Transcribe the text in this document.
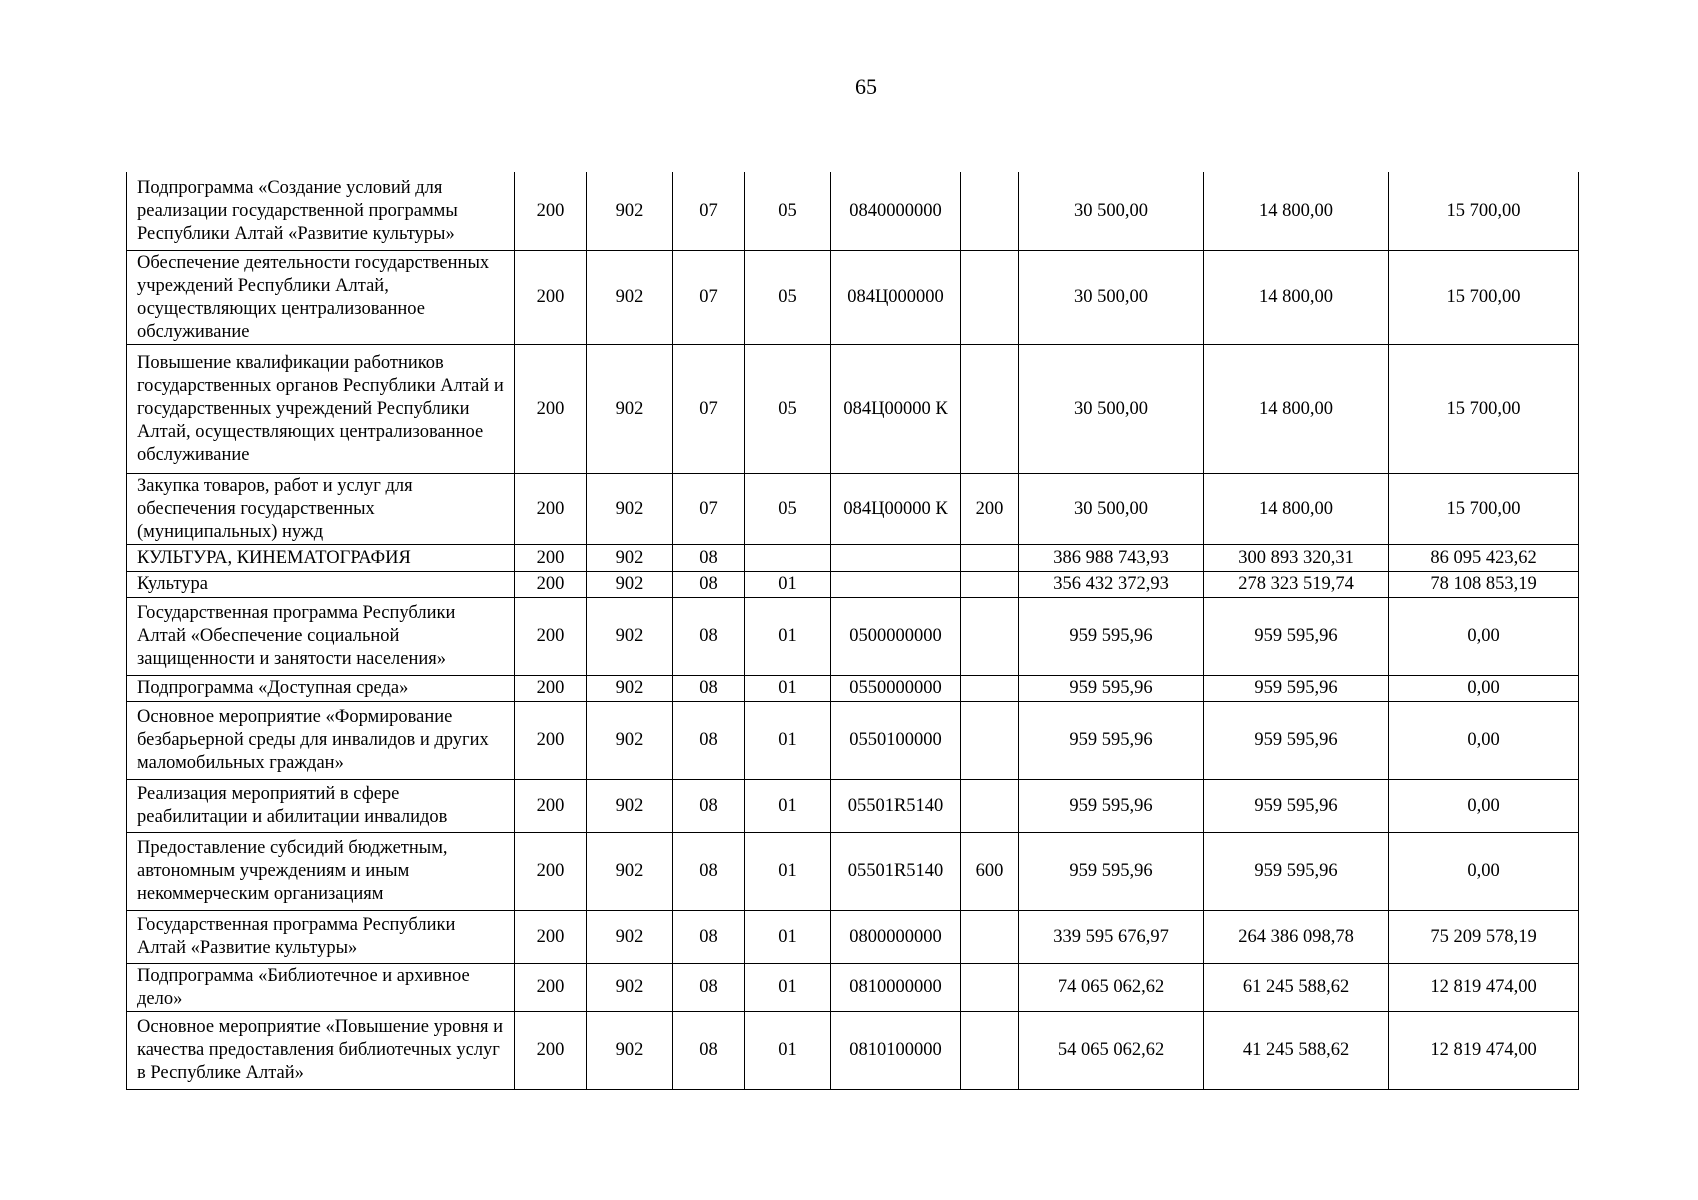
65
Подпрограмма «Создание условий для реализации государственной программы Республики Алтай «Развитие культуры»	200	902	07	05	0840000000		30 500,00	14 800,00	15 700,00
Обеспечение деятельности государственных учреждений Республики Алтай, осуществляющих централизованное обслуживание	200	902	07	05	084Ц000000		30 500,00	14 800,00	15 700,00
Повышение квалификации работников государственных органов Республики Алтай и государственных учреждений Республики Алтай, осуществляющих централизованное обслуживание	200	902	07	05	084Ц00000 К		30 500,00	14 800,00	15 700,00
Закупка товаров, работ и услуг для обеспечения государственных (муниципальных) нужд	200	902	07	05	084Ц00000 К	200	30 500,00	14 800,00	15 700,00
КУЛЬТУРА, КИНЕМАТОГРАФИЯ	200	902	08				386 988 743,93	300 893 320,31	86 095 423,62
Культура	200	902	08	01			356 432 372,93	278 323 519,74	78 108 853,19
Государственная программа Республики Алтай «Обеспечение социальной защищенности и занятости населения»	200	902	08	01	0500000000		959 595,96	959 595,96	0,00
Подпрограмма «Доступная среда»	200	902	08	01	0550000000		959 595,96	959 595,96	0,00
Основное мероприятие «Формирование безбарьерной среды для инвалидов и других маломобильных граждан»	200	902	08	01	0550100000		959 595,96	959 595,96	0,00
Реализация мероприятий в сфере реабилитации и абилитации инвалидов	200	902	08	01	05501R5140		959 595,96	959 595,96	0,00
Предоставление субсидий бюджетным, автономным учреждениям и иным некоммерческим организациям	200	902	08	01	05501R5140	600	959 595,96	959 595,96	0,00
Государственная программа Республики Алтай «Развитие культуры»	200	902	08	01	0800000000		339 595 676,97	264 386 098,78	75 209 578,19
Подпрограмма «Библиотечное и архивное дело»	200	902	08	01	0810000000		74 065 062,62	61 245 588,62	12 819 474,00
Основное мероприятие «Повышение уровня и качества предоставления библиотечных услуг в Республике Алтай»	200	902	08	01	0810100000		54 065 062,62	41 245 588,62	12 819 474,00
